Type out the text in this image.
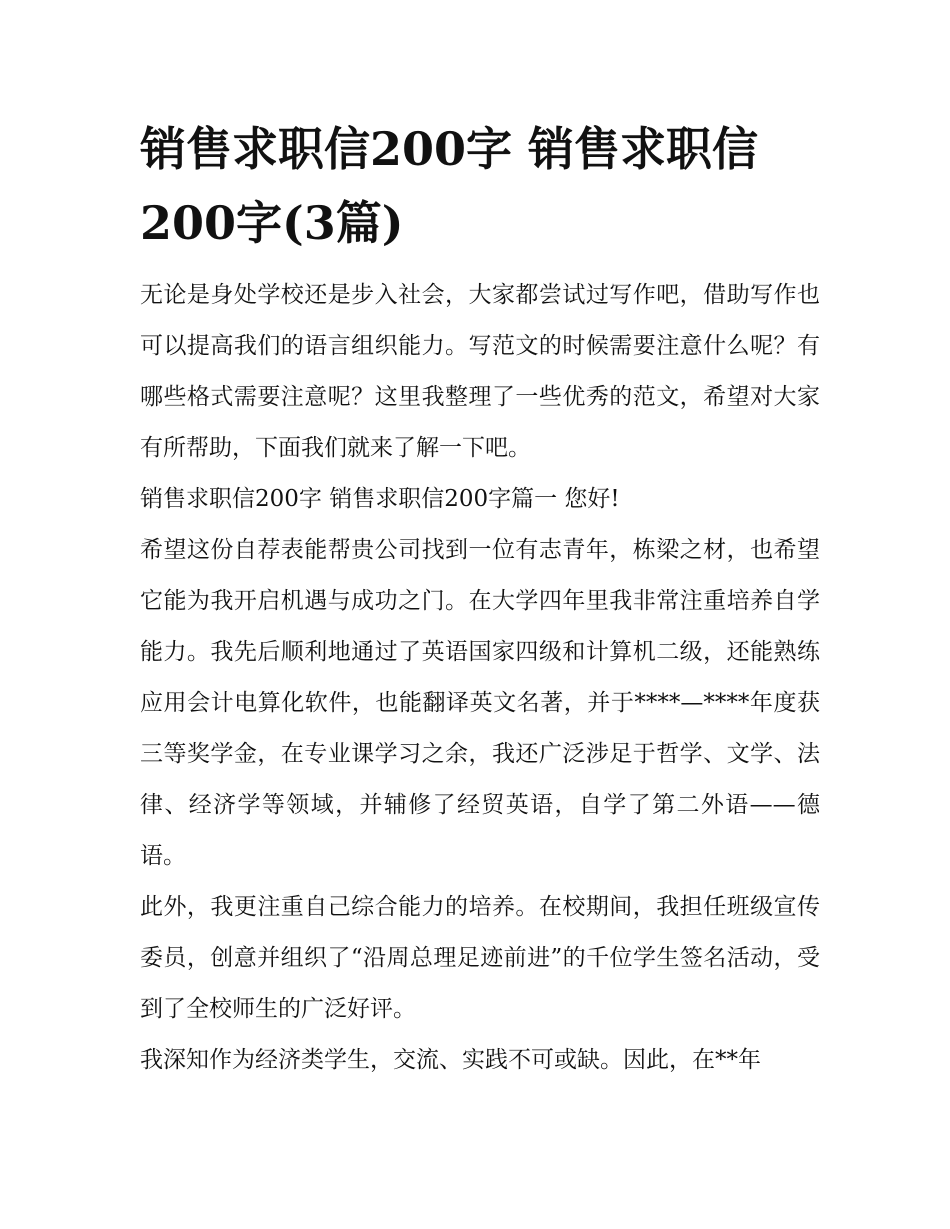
销售求职信200字 销售求职信200字(3篇)

无论是身处学校还是步入社会，大家都尝试过写作吧，借助写作也可以提高我们的语言组织能力。写范文的时候需要注意什么呢？有哪些格式需要注意呢？这里我整理了一些优秀的范文，希望对大家有所帮助，下面我们就来了解一下吧。

销售求职信200字 销售求职信200字篇一 您好!

希望这份自荐表能帮贵公司找到一位有志青年，栋梁之材，也希望它能为我开启机遇与成功之门。在大学四年里我非常注重培养自学能力。我先后顺利地通过了英语国家四级和计算机二级，还能熟练应用会计电算化软件，也能翻译英文名著，并于****—****年度获三等奖学金，在专业课学习之余，我还广泛涉足于哲学、文学、法律、经济学等领域，并辅修了经贸英语，自学了第二外语——德语。

此外，我更注重自己综合能力的培养。在校期间，我担任班级宣传委员，创意并组织了“沿周总理足迹前进”的千位学生签名活动，受到了全校师生的广泛好评。

我深知作为经济类学生，交流、实践不可或缺。因此，在**年
